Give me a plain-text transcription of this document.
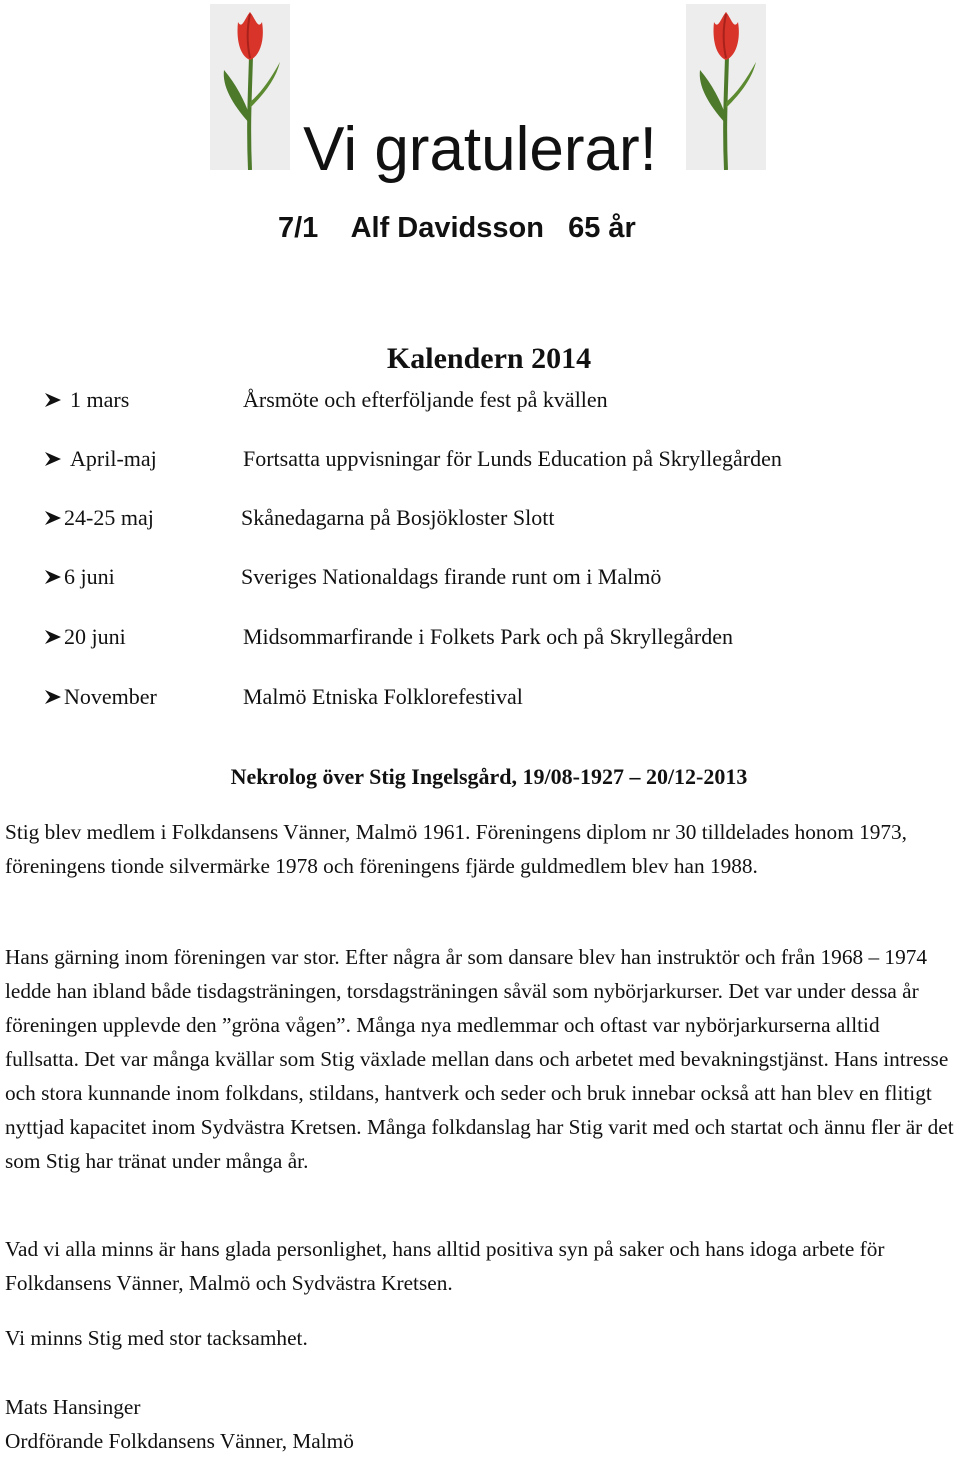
Vi gratulerar!
7/1 Alf Davidsson 65 år
Kalendern 2014
1 mars	Årsmöte och efterföljande fest på kvällen
April-maj	Fortsatta uppvisningar för Lunds Education på Skryllegården
24-25 maj	Skånedagarna på Bosjökloster Slott
6 juni	Sveriges Nationaldags firande runt om i Malmö
20 juni	Midsommarfirande i Folkets Park och på Skryllegården
November	Malmö Etniska Folklorefestival
Nekrolog över Stig Ingelsgård, 19/08-1927 – 20/12-2013

Stig blev medlem i Folkdansens Vänner, Malmö 1961. Föreningens diplom nr 30 tilldelades honom 1973, föreningens tionde silvermärke 1978 och föreningens fjärde guldmedlem blev han 1988.

Hans gärning inom föreningen var stor. Efter några år som dansare blev han instruktör och från 1968 – 1974 ledde han ibland både tisdagsträningen, torsdagsträningen såväl som nybörjarkurser. Det var under dessa år föreningen upplevde den ”gröna vågen”. Många nya medlemmar och oftast var nybörjarkurserna alltid fullsatta. Det var många kvällar som Stig växlade mellan dans och arbetet med bevakningstjänst. Hans intresse och stora kunnande inom folkdans, stildans, hantverk och seder och bruk innebar också att han blev en flitigt nyttjad kapacitet inom Sydvästra Kretsen. Många folkdanslag har Stig varit med och startat och ännu fler är det som Stig har tränat under många år.

Vad vi alla minns är hans glada personlighet, hans alltid positiva syn på saker och hans idoga arbete för Folkdansens Vänner, Malmö och Sydvästra Kretsen.

Vi minns Stig med stor tacksamhet.

Mats Hansinger
Ordförande Folkdansens Vänner, Malmö
